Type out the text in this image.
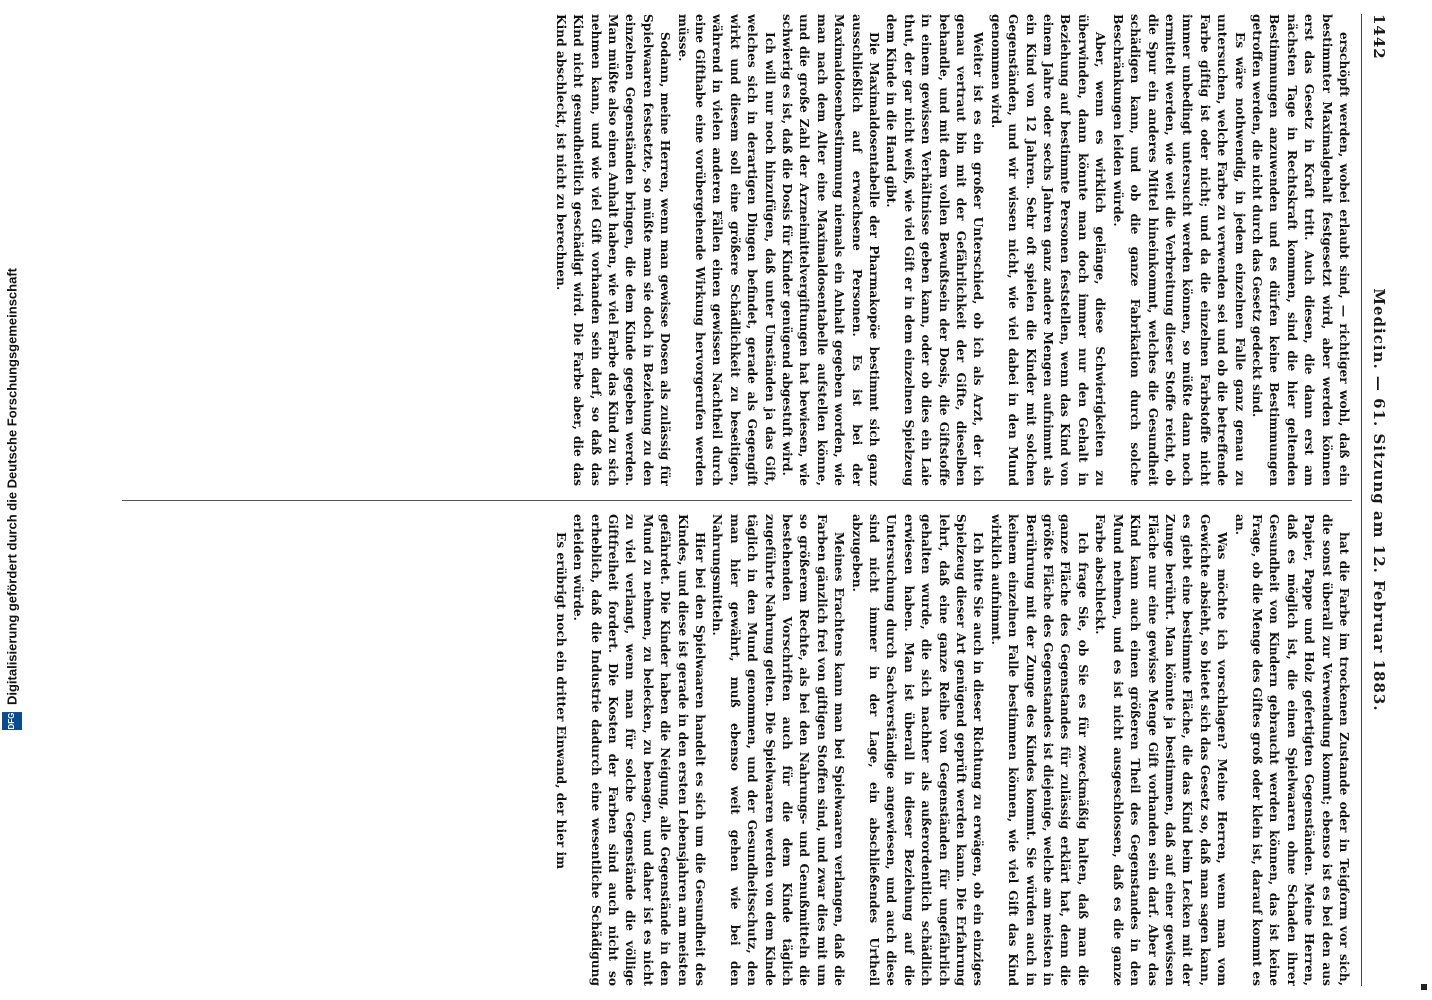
DFG
Digitalisierung gefördert durch die Deutsche Forschungsgemeinschaft
1442
Medicin. — 61. Sitzung am 12. Februar 1883.

erschöpft werden, wobei erlaubt sind, — richtiger wohl, daß ein bestimmter Maximalgehalt festgesetzt wird, aber werden können erst das Gesetz in Kraft tritt. Auch diesen, die dann erst am nächsten Tage in Rechtskraft kommen, sind die hier geltenden Bestimmungen anzuwenden und es dürfen keine Bestimmungen getroffen werden, die nicht durch das Gesetz gedeckt sind.

Es wäre nothwendig, in jedem einzelnen Falle ganz genau zu untersuchen, welche Farbe zu verwenden sei und ob die betreffende Farbe giftig ist oder nicht; und da die einzelnen Farbstoffe nicht immer unbedingt untersucht werden können, so müßte dann noch ermittelt werden, wie weit die Verbreitung dieser Stoffe reicht, ob die Spur ein anderes Mittel hineinkommt, welches die Gesundheit schädigen kann, und ob die ganze Fabrikation durch solche Beschränkungen leiden würde.

Aber, wenn es wirklich gelänge, diese Schwierigkeiten zu überwinden, dann könnte man doch immer nur den Gehalt in Beziehung auf bestimmte Personen feststellen, wenn das Kind von einem Jahre oder sechs Jahren ganz andere Mengen aufnimmt als ein Kind von 12 Jahren. Sehr oft spielen die Kinder mit solchen Gegenständen, und wir wissen nicht, wie viel dabei in den Mund genommen wird.

Weiter ist es ein großer Unterschied, ob ich als Arzt, der ich genau vertraut bin mit der Gefährlichkeit der Gifte, dieselben behandle, und mit dem vollen Bewußtsein der Dosis, die Giftstoffe in einem gewissen Verhältnisse geben kann, oder ob dies ein Laie thut, der gar nicht weiß, wie viel Gift er in dem einzelnen Spielzeug dem Kinde in die Hand gibt.

Die Maximaldosentabelle der Pharmakopöe bestimmt sich ganz ausschließlich auf erwachsene Personen. Es ist bei der Maximaldosenbestimmung niemals ein Anhalt gegeben worden, wie man nach dem Alter eine Maximaldosentabelle aufstellen könne, und die große Zahl der Arzneimittelvergiftungen hat bewiesen, wie schwierig es ist, daß die Dosis für Kinder genügend abgestuft wird.

Ich will nur noch hinzufügen, daß unter Umständen ja das Gift, welches sich in derartigen Dingen befindet, gerade als Gegengift wirkt und diesem soll eine größere Schädlichkeit zu beseitigen, während in vielen anderen Fällen einen gewissen Nachtheil durch eine Gifthabe eine vorübergehende Wirkung hervorgerufen werden müsse.

Sodann, meine Herren, wenn man gewisse Dosen als zulässig für Spielwaaren festsetzte, so müßte man sie doch in Beziehung zu den einzelnen Gegenständen bringen, die dem Kinde gegeben werden. Man müßte also einen Anhalt haben, wie viel Farbe das Kind zu sich nehmen kann, und wie viel Gift vorhanden sein darf, so daß das Kind nicht gesundheitlich geschädigt wird. Die Farbe aber, die das Kind abschleckt, ist nicht zu berechnen.

hat die Farbe im trockenen Zustande oder in Teigform vor sich, die sonst überall zur Verwendung kommt; ebenso ist es bei den aus Papier, Pappe und Holz gefertigten Gegenständen. Meine Herren, daß es möglich ist, die einen Spielwaaren ohne Schaden ihrer Gesundheit von Kindern gebraucht werden können, das ist keine Frage, ob die Menge des Giftes groß oder klein ist, darauf kommt es an.

Was möchte ich vorschlagen? Meine Herren, wenn man vom Gewichte absieht, so bietet sich das Gesetz so, daß man sagen kann, es giebt eine bestimmte Fläche, die das Kind beim Lecken mit der Zunge berührt. Man könnte ja bestimmen, daß auf einer gewissen Fläche nur eine gewisse Menge Gift vorhanden sein darf. Aber das Kind kann auch einen größeren Theil des Gegenstandes in den Mund nehmen, und es ist nicht ausgeschlossen, daß es die ganze Farbe abschleckt.

Ich frage Sie, ob Sie es für zweckmäßig halten, daß man die ganze Fläche des Gegenstandes für zulässig erklärt hat, denn die größte Fläche des Gegenstandes ist diejenige, welche am meisten in Berührung mit der Zunge des Kindes kommt. Sie würden auch in keinem einzelnen Falle bestimmen können, wie viel Gift das Kind wirklich aufnimmt.

Ich bitte Sie auch in dieser Richtung zu erwägen, ob ein einziges Spielzeug dieser Art genügend geprüft werden kann. Die Erfahrung lehrt, daß eine ganze Reihe von Gegenständen für ungefährlich gehalten wurde, die sich nachher als außerordentlich schädlich erwiesen haben. Man ist überall in dieser Beziehung auf die Untersuchung durch Sachverständige angewiesen, und auch diese sind nicht immer in der Lage, ein abschließendes Urtheil abzugeben.

Meines Erachtens kann man bei Spielwaaren verlangen, daß die Farben gänzlich frei von giftigen Stoffen sind, und zwar dies mit um so größerem Rechte, als bei den Nahrungs- und Genußmitteln die bestehenden Vorschriften auch für die dem Kinde täglich zugeführte Nahrung gelten. Die Spielwaaren werden von dem Kinde täglich in den Mund genommen, und der Gesundheitsschutz, den man hier gewährt, muß ebenso weit gehen wie bei den Nahrungsmitteln.

Hier bei den Spielwaaren handelt es sich um die Gesundheit des Kindes, und diese ist gerade in den ersten Lebensjahren am meisten gefährdet. Die Kinder haben die Neigung, alle Gegenstände in den Mund zu nehmen, zu belecken, zu benagen, und daher ist es nicht zu viel verlangt, wenn man für solche Gegenstände die völlige Giftfreiheit fordert. Die Kosten der Farben sind auch nicht so erheblich, daß die Industrie dadurch eine wesentliche Schädigung erleiden würde.

Es erübrigt noch ein dritter Einwand, der hier im
